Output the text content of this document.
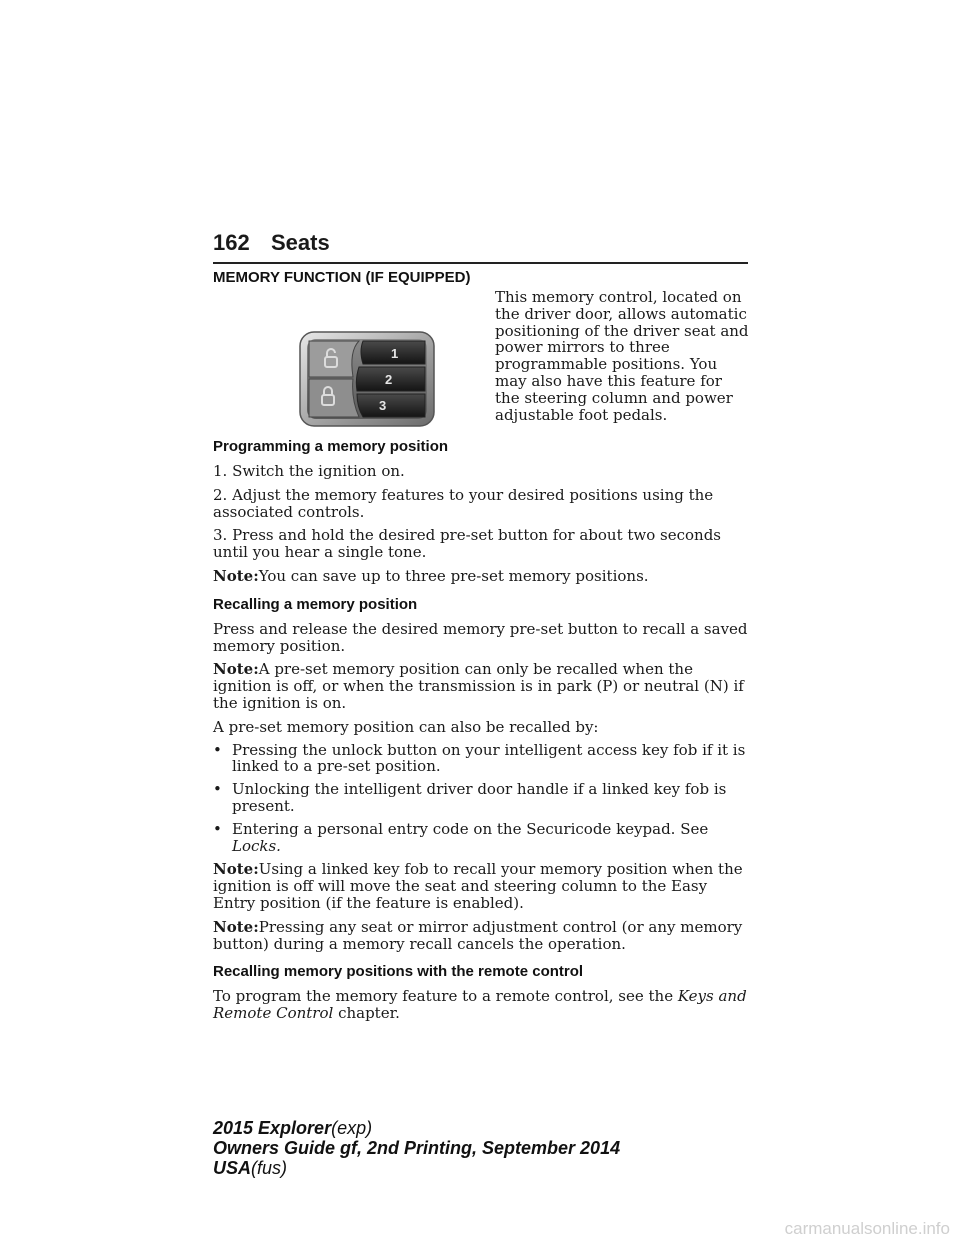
162 Seats
MEMORY FUNCTION (IF EQUIPPED)
1
2
3

This memory control, located on the driver door, allows automatic positioning of the driver seat and power mirrors to three programmable positions. You may also have this feature for the steering column and power adjustable foot pedals.

Programming a memory position

1. Switch the ignition on.

2. Adjust the memory features to your desired positions using the associated controls.

3. Press and hold the desired pre-set button for about two seconds until you hear a single tone.

Note:You can save up to three pre-set memory positions.

Recalling a memory position

Press and release the desired memory pre-set button to recall a saved memory position.

Note:A pre-set memory position can only be recalled when the ignition is off, or when the transmission is in park (P) or neutral (N) if the ignition is on.

A pre-set memory position can also be recalled by:

• Pressing the unlock button on your intelligent access key fob if it is linked to a pre-set position.
• Unlocking the intelligent driver door handle if a linked key fob is present.
• Entering a personal entry code on the Securicode keypad. See Locks.

Note:Using a linked key fob to recall your memory position when the ignition is off will move the seat and steering column to the Easy Entry position (if the feature is enabled).

Note:Pressing any seat or mirror adjustment control (or any memory button) during a memory recall cancels the operation.

Recalling memory positions with the remote control

To program the memory feature to a remote control, see the Keys and Remote Control chapter.

2015 Explorer(exp)
Owners Guide gf, 2nd Printing, September 2014
USA(fus)
carmanualsonline.info
